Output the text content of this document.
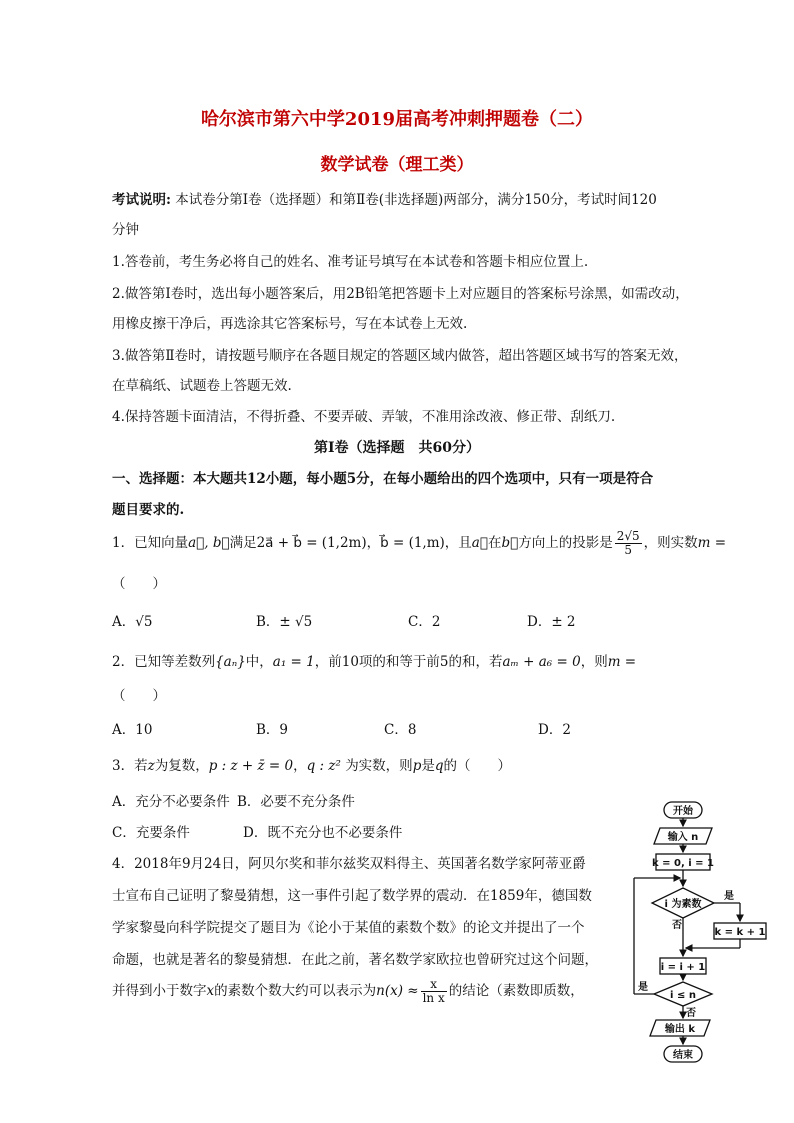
哈尔滨市第六中学2019届高考冲刺押题卷（二）
数学试卷（理工类）
考试说明: 本试卷分第Ⅰ卷（选择题）和第Ⅱ卷(非选择题)两部分，满分150分，考试时间120
分钟
1.答卷前，考生务必将自己的姓名、准考证号填写在本试卷和答题卡相应位置上.
2.做答第Ⅰ卷时，选出每小题答案后，用2B铅笔把答题卡上对应题目的答案标号涂黑，如需改动，
用橡皮擦干净后，再选涂其它答案标号，写在本试卷上无效.
3.做答第Ⅱ卷时，请按题号顺序在各题目规定的答题区域内做答，超出答题区域书写的答案无效，
在草稿纸、试题卷上答题无效.
4.保持答题卡面清洁，不得折叠、不要弄破、弄皱，不准用涂改液、修正带、刮纸刀.
第Ⅰ卷（选择题　共60分）
一、选择题：本大题共12小题，每小题5分，在每小题给出的四个选项中，只有一项是符合
题目要求的.
1．已知向量a⃗, b⃗满足2a⃗ + b⃗ = (1,2m)，b⃗ = (1,m)，且a⃗在b⃗方向上的投影是 $\frac{2√5}{5}$ ，则实数m =
（　　）
A．√5	B．± √5	C．2	D．± 2
2．已知等差数列{aₙ}中，a₁ = 1，前10项的和等于前5的和，若aₘ + a₆ = 0，则m =
（　　）
A．10	B．9	C．8	D．2
3．若z为复数，p : z + z̄ = 0，q : z² 为实数，则p是q的（　　）
A．充分不必要条件 B．必要不充分条件
C．充要条件	D．既不充分也不必要条件
4．2018年9月24日，阿贝尔奖和菲尔兹奖双料得主、英国著名数学家阿蒂亚爵
士宣布自己证明了黎曼猜想，这一事件引起了数学界的震动．在1859年，德国数
学家黎曼向科学院提交了题目为《论小于某值的素数个数》的论文并提出了一个
命题，也就是著名的黎曼猜想．在此之前，著名数学家欧拉也曾研究过这个问题，
并得到小于数字x的素数个数大约可以表示为$n(x) \approx \frac{x}{\text{ln x}}$ 的结论（素数即质数，
开始
输入 n
k = 0, i = 1
i 为素数
是
否
k = k + 1
i = i + 1
i ≤ n
是
否
输出 k
结束
